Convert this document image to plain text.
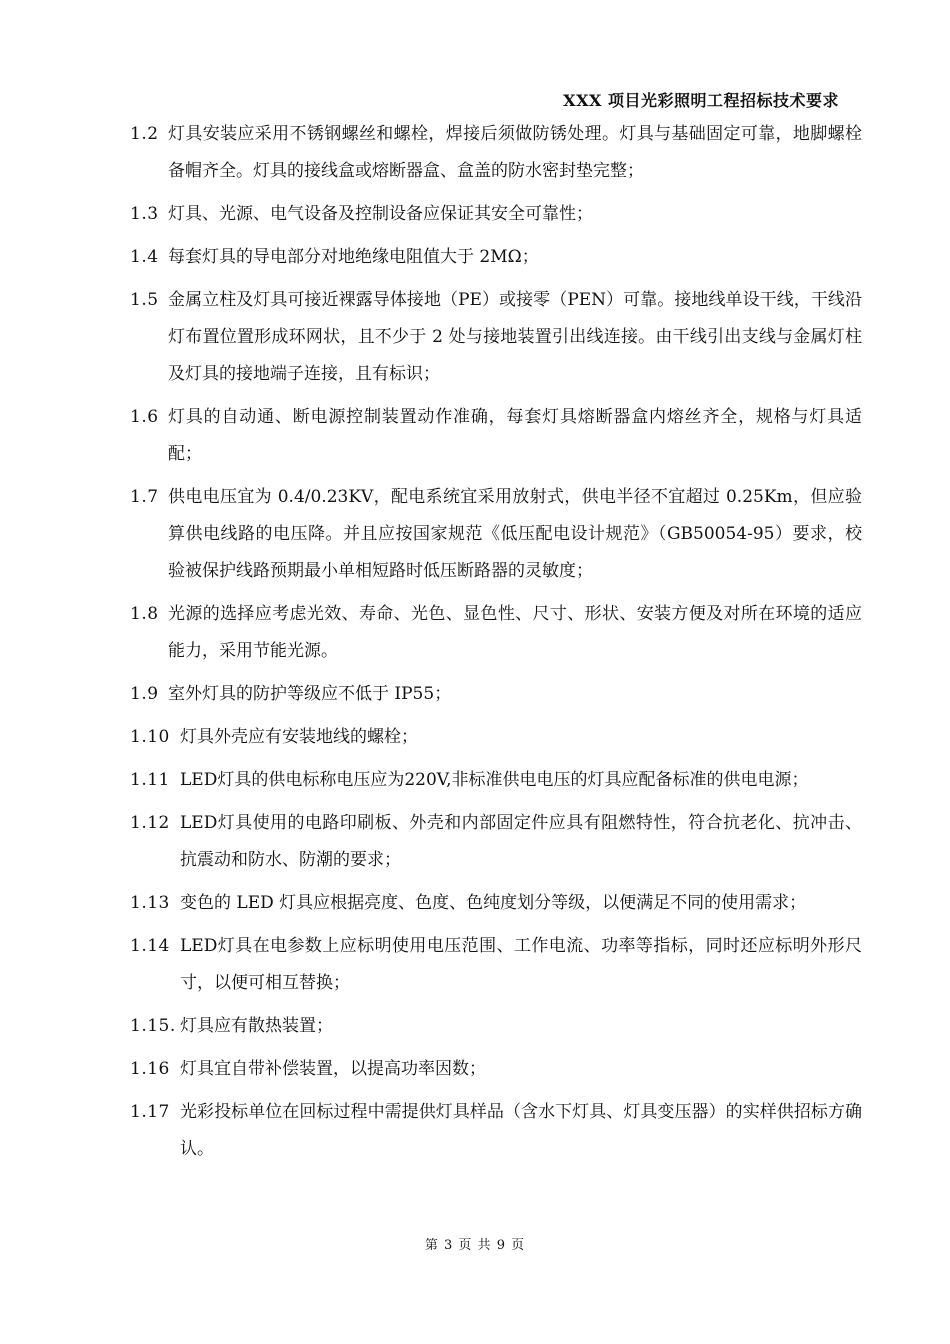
XXX 项目光彩照明工程招标技术要求
1.2 灯具安装应采用不锈钢螺丝和螺栓，焊接后须做防锈处理。灯具与基础固定可靠，地脚螺栓备帽齐全。灯具的接线盒或熔断器盒、盒盖的防水密封垫完整；
1.3 灯具、光源、电气设备及控制设备应保证其安全可靠性；
1.4 每套灯具的导电部分对地绝缘电阻值大于 2MΩ；
1.5 金属立柱及灯具可接近裸露导体接地（PE）或接零（PEN）可靠。接地线单设干线，干线沿灯布置位置形成环网状，且不少于 2 处与接地装置引出线连接。由干线引出支线与金属灯柱及灯具的接地端子连接，且有标识；
1.6 灯具的自动通、断电源控制装置动作准确，每套灯具熔断器盒内熔丝齐全，规格与灯具适配；
1.7 供电电压宜为 0.4/0.23KV，配电系统宜采用放射式，供电半径不宜超过 0.25Km，但应验算供电线路的电压降。并且应按国家规范《低压配电设计规范》（GB50054-95）要求，校验被保护线路预期最小单相短路时低压断路器的灵敏度；
1.8 光源的选择应考虑光效、寿命、光色、显色性、尺寸、形状、安装方便及对所在环境的适应能力，采用节能光源。
1.9 室外灯具的防护等级应不低于 IP55；
1.10 灯具外壳应有安装地线的螺栓；
1.11 LED灯具的供电标称电压应为220V,非标准供电电压的灯具应配备标准的供电电源；
1.12 LED灯具使用的电路印刷板、外壳和内部固定件应具有阻燃特性，符合抗老化、抗冲击、抗震动和防水、防潮的要求；
1.13 变色的 LED 灯具应根据亮度、色度、色纯度划分等级，以便满足不同的使用需求；
1.14 LED灯具在电参数上应标明使用电压范围、工作电流、功率等指标，同时还应标明外形尺寸，以便可相互替换；
1.15. 灯具应有散热装置；
1.16 灯具宜自带补偿装置，以提高功率因数；
1.17 光彩投标单位在回标过程中需提供灯具样品（含水下灯具、灯具变压器）的实样供招标方确认。
第 3 页 共 9 页
